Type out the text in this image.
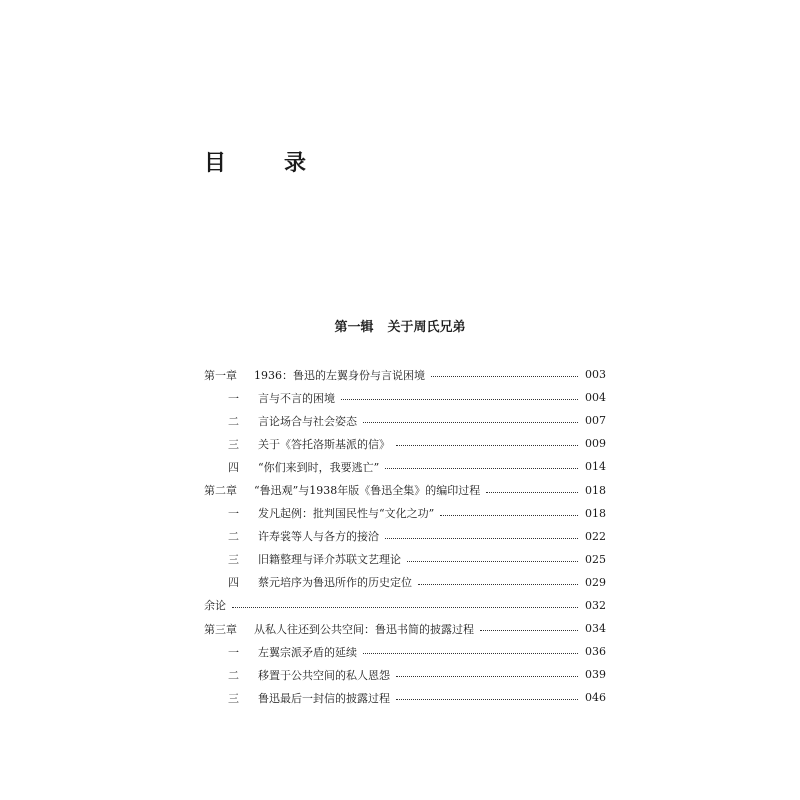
目　录
第一辑 关于周氏兄弟
第一章	1936：鲁迅的左翼身份与言说困境	003
一	言与不言的困境	004
二	言论场合与社会姿态	007
三	关于《答托洛斯基派的信》	009
四	“你们来到时，我要逃亡”	014
第二章	“鲁迅观”与1938年版《鲁迅全集》的编印过程	018
一	发凡起例：批判国民性与“文化之功”	018
二	许寿裳等人与各方的接洽	022
三	旧籍整理与译介苏联文艺理论	025
四	蔡元培序为鲁迅所作的历史定位	029
余论	032
第三章	从私人往还到公共空间：鲁迅书简的披露过程	034
一	左翼宗派矛盾的延续	036
二	移置于公共空间的私人恩怨	039
三	鲁迅最后一封信的披露过程	046
